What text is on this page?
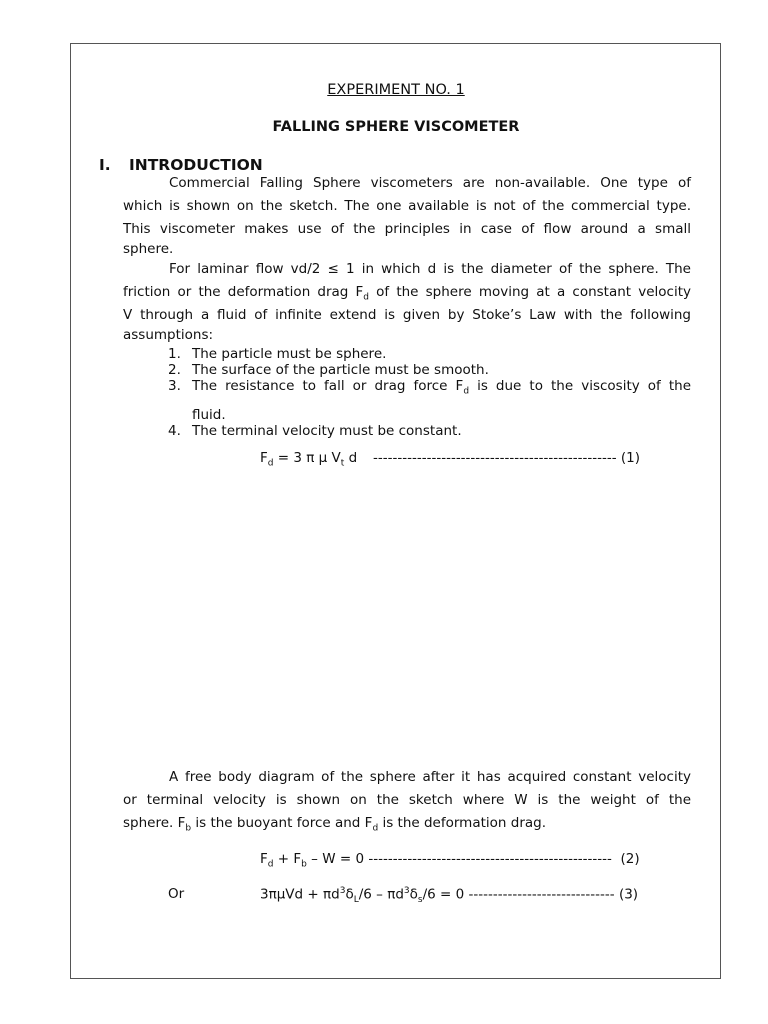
EXPERIMENT NO. 1
FALLING SPHERE VISCOMETER
I. INTRODUCTION
Commercial Falling Sphere viscometers are non-available. One type of
which is shown on the sketch. The one available is not of the commercial type.
This viscometer makes use of the principles in case of flow around a small
sphere.
For laminar flow vd/2 ≤ 1 in which d is the diameter of the sphere. The
friction or the deformation drag $F_d$ of the sphere moving at a constant velocity
V through a fluid of infinite extend is given by Stoke’s Law with the following
assumptions:
1. The particle must be sphere.
2. The surface of the particle must be smooth.
3. The resistance to fall or drag force $F_d$ is due to the viscosity of the
fluid.
4. The terminal velocity must be constant.
$F_d = 3$ π μ $V_t$ d -------------------------------------------------- (1)
A free body diagram of the sphere after it has acquired constant velocity
or terminal velocity is shown on the sketch where W is the weight of the
sphere. $F_b$ is the buoyant force and $F_d$ is the deformation drag.
$F_d + F_b - W = 0$ -------------------------------------------------- (2)
Or	$3\pi\mu Vd + \pi d^3\delta_L/6 - \pi d^3\delta_s/6 = 0$ ------------------------------ (3)
